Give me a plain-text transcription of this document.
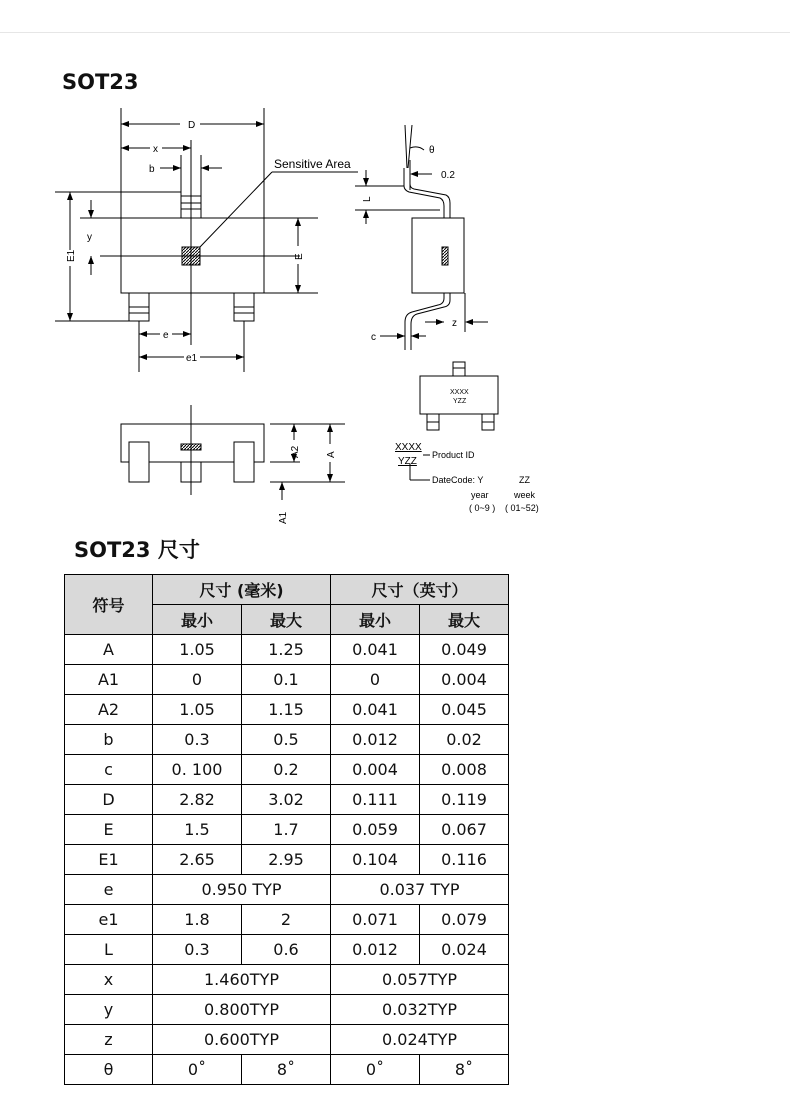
SOT23
D
x
b	Sensitive Area
E1
y
E
e
e1
θ
0.2
L
c
z
A2	A
A1
XXXX
YZZ
XXXX
YZZ
Product ID
DateCode: Y	ZZ
year	week
( 0~9 ) ( 01~52)
SOT23 尺寸
符号	尺寸 (毫米)		尺寸（英寸）	
	最小	最大	最小	最大
A	1.05	1.25	0.041	0.049
A1	0	0.1	0	0.004
A2	1.05	1.15	0.041	0.045
b	0.3	0.5	0.012	0.02
c	0. 100	0.2	0.004	0.008
D	2.82	3.02	0.111	0.119
E	1.5	1.7	0.059	0.067
E1	2.65	2.95	0.104	0.116
e	0.950 TYP		0.037 TYP	
e1	1.8	2	0.071	0.079
L	0.3	0.6	0.012	0.024
x	1.460TYP		0.057TYP	
y	0.800TYP		0.032TYP	
z	0.600TYP		0.024TYP	
θ	0˚	8˚	0˚	8˚
